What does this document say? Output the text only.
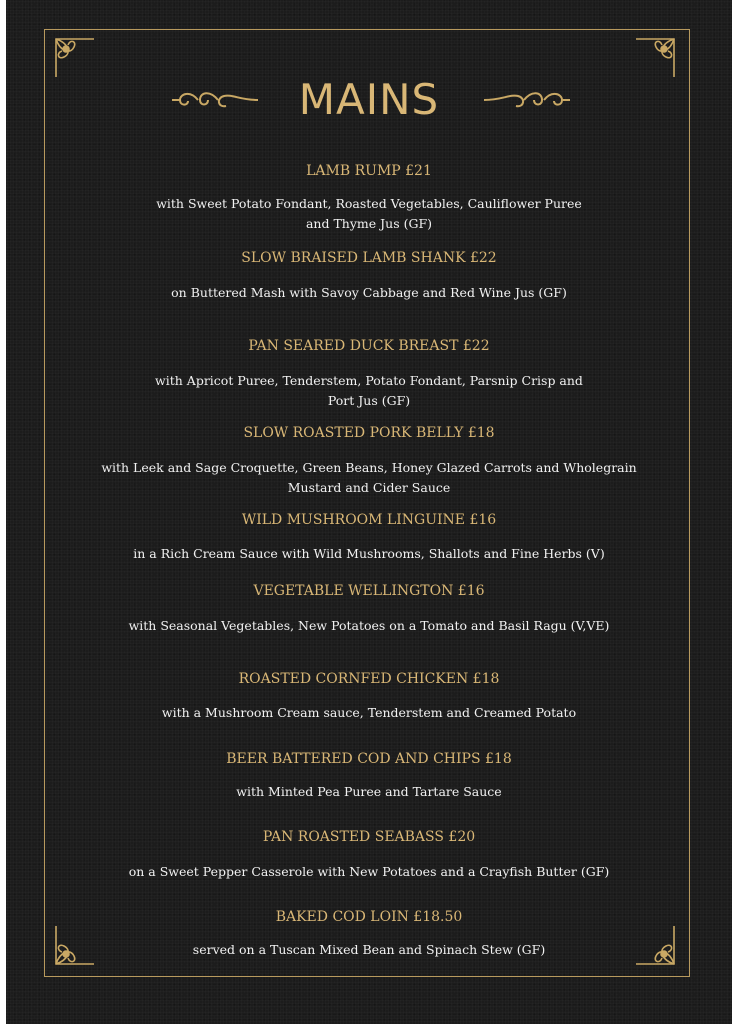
MAINS
LAMB RUMP £21
with Sweet Potato Fondant, Roasted Vegetables, Cauliflower Puree and Thyme Jus (GF)
SLOW BRAISED LAMB SHANK £22
on Buttered Mash with Savoy Cabbage and Red Wine Jus (GF)
PAN SEARED DUCK BREAST £22
with Apricot Puree, Tenderstem, Potato Fondant, Parsnip Crisp and Port Jus (GF)
SLOW ROASTED PORK BELLY £18
with Leek and Sage Croquette, Green Beans, Honey Glazed Carrots and Wholegrain Mustard and Cider Sauce
WILD MUSHROOM LINGUINE £16
in a Rich Cream Sauce with Wild Mushrooms, Shallots and Fine Herbs (V)
VEGETABLE WELLINGTON £16
with Seasonal Vegetables, New Potatoes on a Tomato and Basil Ragu (V,VE)
ROASTED CORNFED CHICKEN £18
with a Mushroom Cream sauce, Tenderstem and Creamed Potato
BEER BATTERED COD AND CHIPS £18
with Minted Pea Puree and Tartare Sauce
PAN ROASTED SEABASS £20
on a Sweet Pepper Casserole with New Potatoes and a Crayfish Butter (GF)
BAKED COD LOIN £18.50
served on a Tuscan Mixed Bean and Spinach Stew (GF)
